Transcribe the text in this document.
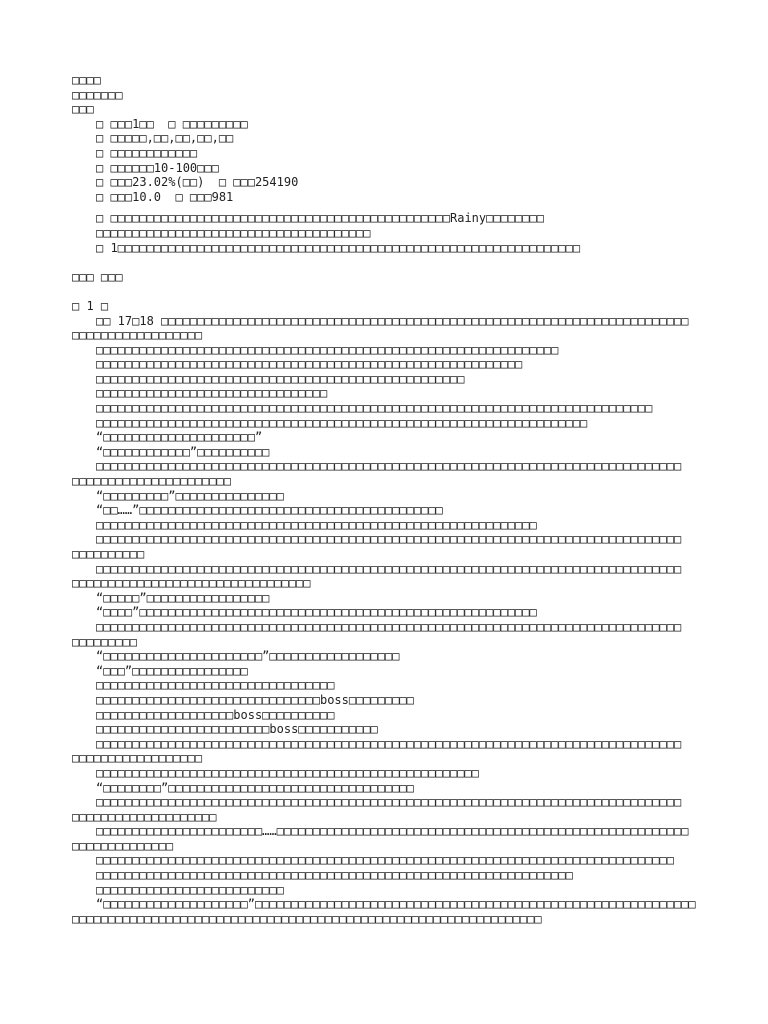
□□□□
□□□□□□□
□□□
□ □□□1□□  □ □□□□□□□□□
□ □□□□□,□□,□□,□□,□□
□ □□□□□□□□□□□□
□ □□□□□□10-100□□□
□ □□□23.02%(□□)  □ □□□254190
□ □□□10.0  □ □□□981
□ □□□□□□□□□□□□□□□□□□□□□□□□□□□□□□□□□□□□□□□□□□□□□□□Rainy□□□□□□□□
□□□□□□□□□□□□□□□□□□□□□□□□□□□□□□□□□□□□□□
□ 1□□□□□□□□□□□□□□□□□□□□□□□□□□□□□□□□□□□□□□□□□□□□□□□□□□□□□□□□□□□□□□□□
□□□ □□□
□ 1 □
□□ 17□18 □□□□□□□□□□□□□□□□□□□□□□□□□□□□□□□□□□□□□□□□□□□□□□□□□□□□□□□□□□□□□□□□□□□□□□□□□
□□□□□□□□□□□□□□□□□□
□□□□□□□□□□□□□□□□□□□□□□□□□□□□□□□□□□□□□□□□□□□□□□□□□□□□□□□□□□□□□□□□
□□□□□□□□□□□□□□□□□□□□□□□□□□□□□□□□□□□□□□□□□□□□□□□□□□□□□□□□□□□
□□□□□□□□□□□□□□□□□□□□□□□□□□□□□□□□□□□□□□□□□□□□□□□□□□□
□□□□□□□□□□□□□□□□□□□□□□□□□□□□□□□□
□□□□□□□□□□□□□□□□□□□□□□□□□□□□□□□□□□□□□□□□□□□□□□□□□□□□□□□□□□□□□□□□□□□□□□□□□□□□□
□□□□□□□□□□□□□□□□□□□□□□□□□□□□□□□□□□□□□□□□□□□□□□□□□□□□□□□□□□□□□□□□□□□□
“□□□□□□□□□□□□□□□□□□□□□”
“□□□□□□□□□□□□”□□□□□□□□□□
□□□□□□□□□□□□□□□□□□□□□□□□□□□□□□□□□□□□□□□□□□□□□□□□□□□□□□□□□□□□□□□□□□□□□□□□□□□□□□□□□
□□□□□□□□□□□□□□□□□□□□□□
“□□□□□□□□□”□□□□□□□□□□□□□□□
“□□……”□□□□□□□□□□□□□□□□□□□□□□□□□□□□□□□□□□□□□□□□□□
□□□□□□□□□□□□□□□□□□□□□□□□□□□□□□□□□□□□□□□□□□□□□□□□□□□□□□□□□□□□□
□□□□□□□□□□□□□□□□□□□□□□□□□□□□□□□□□□□□□□□□□□□□□□□□□□□□□□□□□□□□□□□□□□□□□□□□□□□□□□□□□
□□□□□□□□□□
□□□□□□□□□□□□□□□□□□□□□□□□□□□□□□□□□□□□□□□□□□□□□□□□□□□□□□□□□□□□□□□□□□□□□□□□□□□□□□□□□
□□□□□□□□□□□□□□□□□□□□□□□□□□□□□□□□□
“□□□□□”□□□□□□□□□□□□□□□□□
“□□□□”□□□□□□□□□□□□□□□□□□□□□□□□□□□□□□□□□□□□□□□□□□□□□□□□□□□□□□□
□□□□□□□□□□□□□□□□□□□□□□□□□□□□□□□□□□□□□□□□□□□□□□□□□□□□□□□□□□□□□□□□□□□□□□□□□□□□□□□□□
□□□□□□□□□
“□□□□□□□□□□□□□□□□□□□□□□”□□□□□□□□□□□□□□□□□□
“□□□”□□□□□□□□□□□□□□□□
□□□□□□□□□□□□□□□□□□□□□□□□□□□□□□□□□
□□□□□□□□□□□□□□□□□□□□□□□□□□□□□□□boss□□□□□□□□□
□□□□□□□□□□□□□□□□□□□boss□□□□□□□□□□
□□□□□□□□□□□□□□□□□□□□□□□□boss□□□□□□□□□□□
□□□□□□□□□□□□□□□□□□□□□□□□□□□□□□□□□□□□□□□□□□□□□□□□□□□□□□□□□□□□□□□□□□□□□□□□□□□□□□□□□
□□□□□□□□□□□□□□□□□□
□□□□□□□□□□□□□□□□□□□□□□□□□□□□□□□□□□□□□□□□□□□□□□□□□□□□□
“□□□□□□□□”□□□□□□□□□□□□□□□□□□□□□□□□□□□□□□□□□□
□□□□□□□□□□□□□□□□□□□□□□□□□□□□□□□□□□□□□□□□□□□□□□□□□□□□□□□□□□□□□□□□□□□□□□□□□□□□□□□□□
□□□□□□□□□□□□□□□□□□□□
□□□□□□□□□□□□□□□□□□□□□□□……□□□□□□□□□□□□□□□□□□□□□□□□□□□□□□□□□□□□□□□□□□□□□□□□□□□□□□□□□
□□□□□□□□□□□□□□
□□□□□□□□□□□□□□□□□□□□□□□□□□□□□□□□□□□□□□□□□□□□□□□□□□□□□□□□□□□□□□□□□□□□□□□□□□□□□□□□
□□□□□□□□□□□□□□□□□□□□□□□□□□□□□□□□□□□□□□□□□□□□□□□□□□□□□□□□□□□□□□□□□□
□□□□□□□□□□□□□□□□□□□□□□□□□□
“□□□□□□□□□□□□□□□□□□□□”□□□□□□□□□□□□□□□□□□□□□□□□□□□□□□□□□□□□□□□□□□□□□□□□□□□□□□□□□□□□□
□□□□□□□□□□□□□□□□□□□□□□□□□□□□□□□□□□□□□□□□□□□□□□□□□□□□□□□□□□□□□□□□□
